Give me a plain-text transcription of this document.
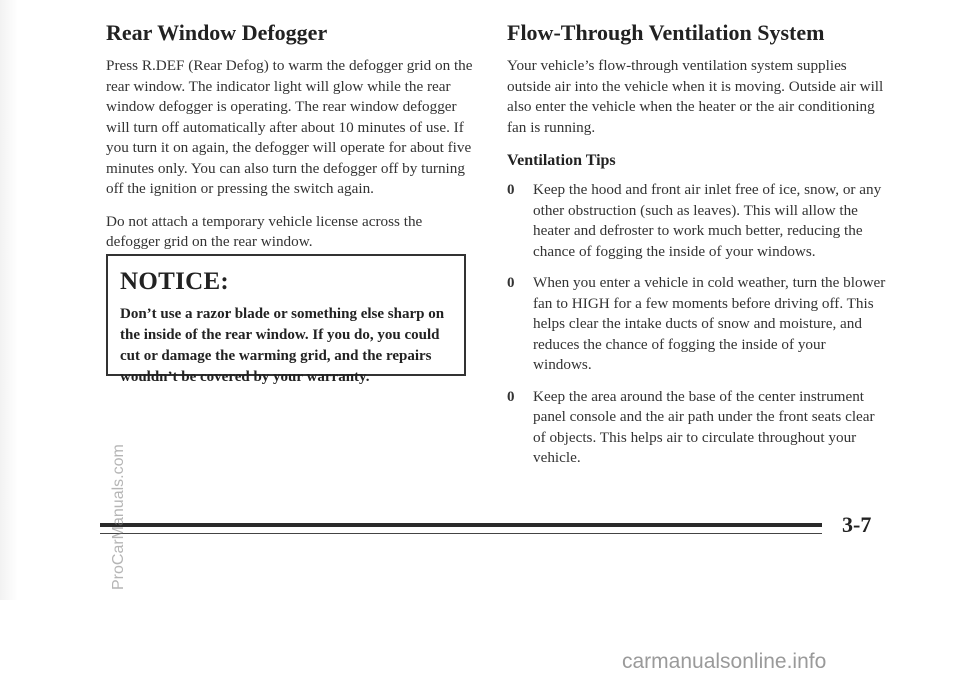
Rear Window Defogger

Press R.DEF (Rear Defog) to warm the defogger grid on the rear window. The indicator light will glow while the rear window defogger is operating. The rear window defogger will turn off automatically after about 10 minutes of use. If you turn it on again, the defogger will operate for about five minutes only. You can also turn the defogger off by turning off the ignition or pressing the switch again.

Do not attach a temporary vehicle license across the defogger grid on the rear window.

NOTICE:

Don’t use a razor blade or something else sharp on the inside of the rear window. If you do, you could cut or damage the warming grid, and the repairs wouldn’t be covered by your warranty.

Flow-Through Ventilation System

Your vehicle’s flow-through ventilation system supplies outside air into the vehicle when it is moving. Outside air will also enter the vehicle when the heater or the air conditioning fan is running.

Ventilation Tips
0 Keep the hood and front air inlet free of ice, snow, or any other obstruction (such as leaves). This will allow the heater and defroster to work much better, reducing the chance of fogging the inside of your windows.
0 When you enter a vehicle in cold weather, turn the blower fan to HIGH for a few moments before driving off. This helps clear the intake ducts of snow and moisture, and reduces the chance of fogging the inside of your windows.
0 Keep the area around the base of the center instrument panel console and the air path under the front seats clear of objects. This helps air to circulate throughout your vehicle.
3-7
ProCarManuals.com
carmanualsonline.info
